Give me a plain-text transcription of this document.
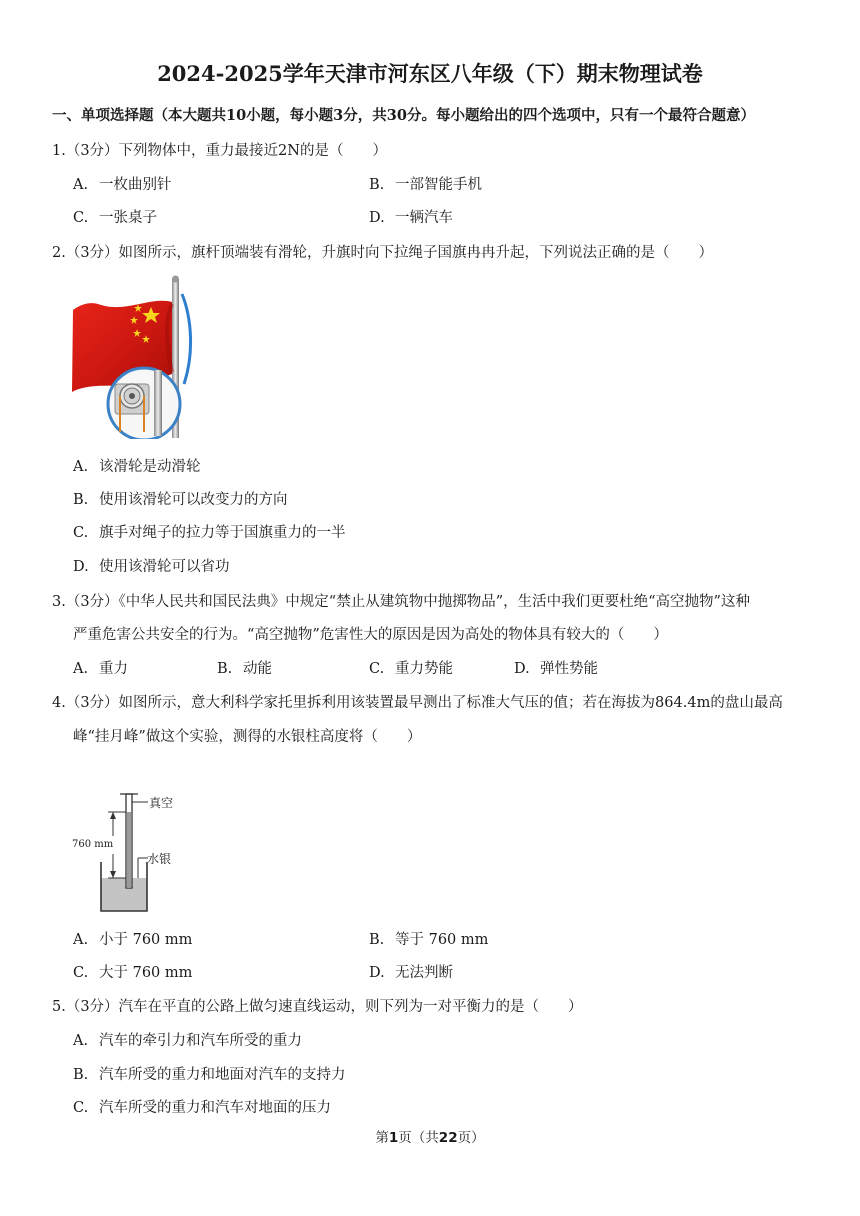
2024-2025学年天津市河东区八年级（下）期末物理试卷
一、单项选择题（本大题共10小题，每小题3分，共30分。每小题给出的四个选项中，只有一个最符合题意）
1.（3分）下列物体中，重力最接近2N的是（　　）
A. 一枚曲别针	B. 一部智能手机
C. 一张桌子	D. 一辆汽车
2.（3分）如图所示，旗杆顶端装有滑轮，升旗时向下拉绳子国旗冉冉升起，下列说法正确的是（　　）
A. 该滑轮是动滑轮
B. 使用该滑轮可以改变力的方向
C. 旗手对绳子的拉力等于国旗重力的一半
D. 使用该滑轮可以省功
3.（3分）《中华人民共和国民法典》中规定“禁止从建筑物中抛掷物品”，生活中我们更要杜绝“高空抛物”这种
严重危害公共安全的行为。“高空抛物”危害性大的原因是因为高处的物体具有较大的（　　）
A. 重力	B. 动能	C. 重力势能	D. 弹性势能
4.（3分）如图所示，意大利科学家托里拆利用该装置最早测出了标准大气压的值；若在海拔为864.4m的盘山最高
峰“挂月峰”做这个实验，测得的水银柱高度将（　　）
真空
水银
760 mm
A. 小于 760 mm	B. 等于 760 mm
C. 大于 760 mm	D. 无法判断
5.（3分）汽车在平直的公路上做匀速直线运动，则下列为一对平衡力的是（　　）
A. 汽车的牵引力和汽车所受的重力
B. 汽车所受的重力和地面对汽车的支持力
C. 汽车所受的重力和汽车对地面的压力
第1页（共22页）
